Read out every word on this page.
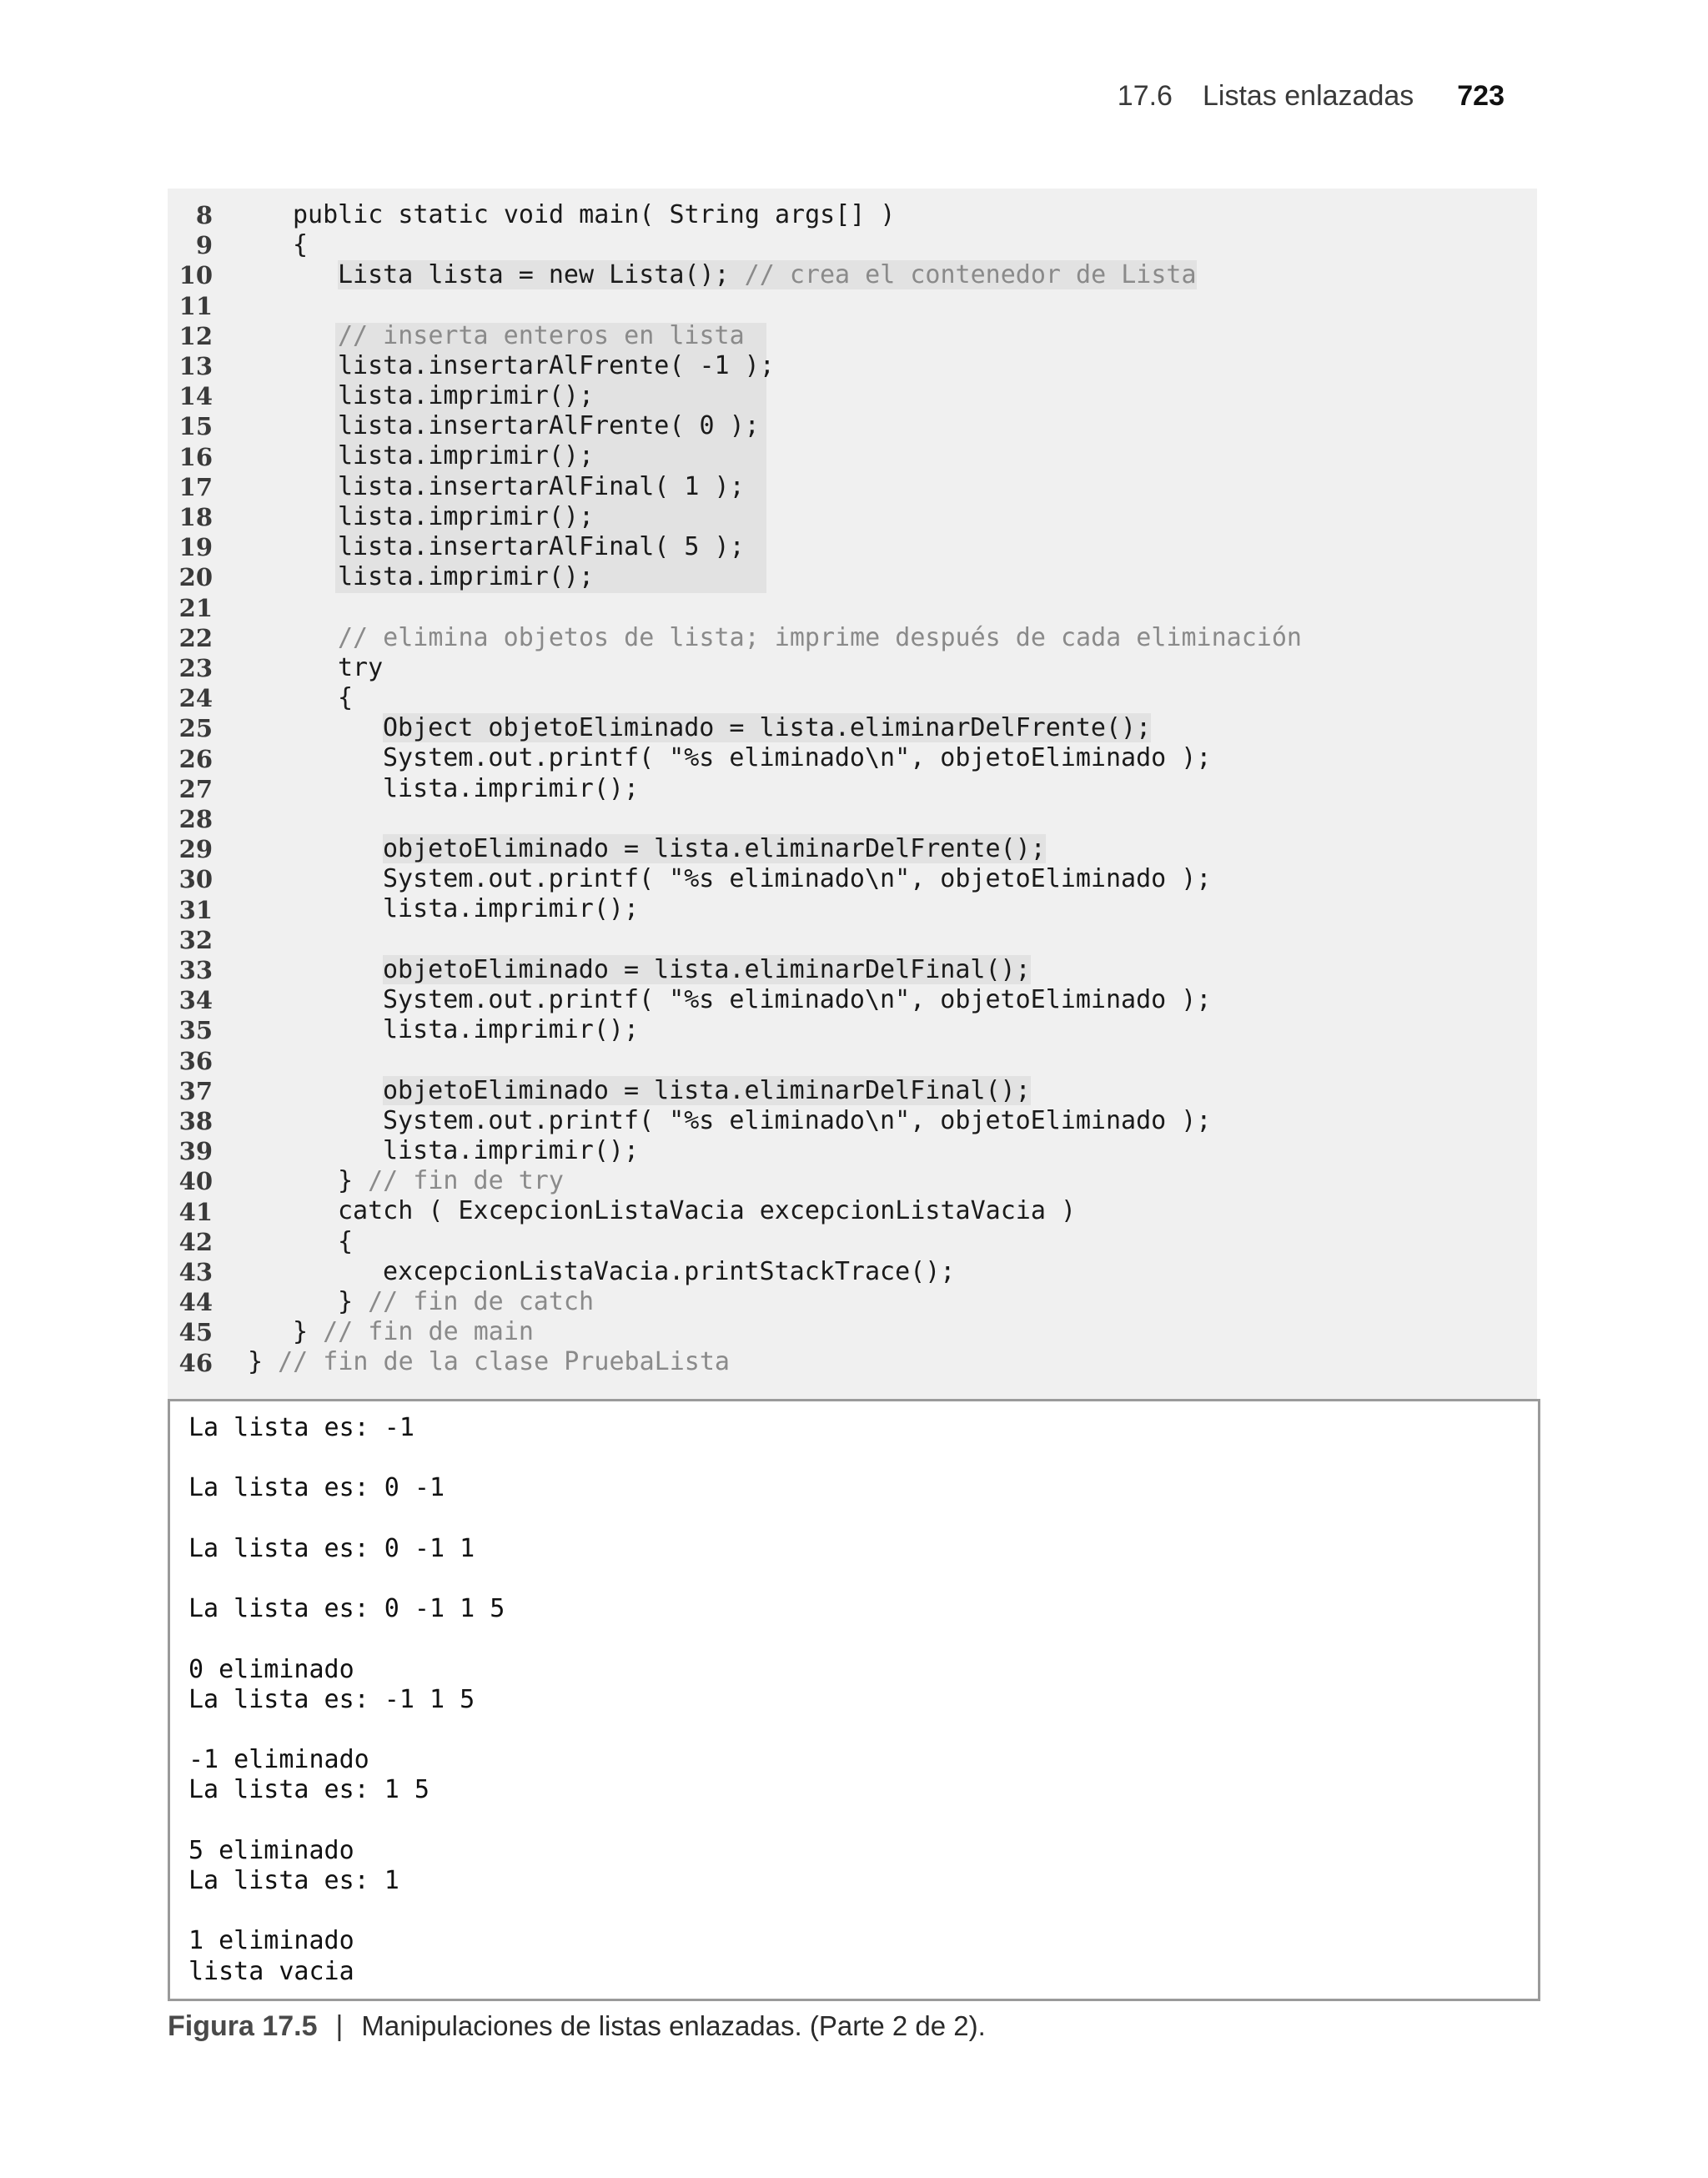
17.6 Listas enlazadas 723
8
9
10
11
12
13
14
15
16
17
18
19
20
21
22
23
24
25
26
27
28
29
30
31
32
33
34
35
36
37
38
39
40
41
42
43
44
45
46
public static void main( String args[] )
{
Lista lista = new Lista(); // crea el contenedor de Lista
// inserta enteros en lista
lista.insertarAlFrente( -1 );
lista.imprimir();
lista.insertarAlFrente( 0 );
lista.imprimir();
lista.insertarAlFinal( 1 );
lista.imprimir();
lista.insertarAlFinal( 5 );
lista.imprimir();
// elimina objetos de lista; imprime después de cada eliminación
try
{
Object objetoEliminado = lista.eliminarDelFrente();
System.out.printf( "%s eliminado\n", objetoEliminado );
lista.imprimir();
objetoEliminado = lista.eliminarDelFrente();
System.out.printf( "%s eliminado\n", objetoEliminado );
lista.imprimir();
objetoEliminado = lista.eliminarDelFinal();
System.out.printf( "%s eliminado\n", objetoEliminado );
lista.imprimir();
objetoEliminado = lista.eliminarDelFinal();
System.out.printf( "%s eliminado\n", objetoEliminado );
lista.imprimir();
} // fin de try
catch ( ExcepcionListaVacia excepcionListaVacia )
{
excepcionListaVacia.printStackTrace();
} // fin de catch
} // fin de main
} // fin de la clase PruebaLista
La lista es: -1
La lista es: 0 -1
La lista es: 0 -1 1
La lista es: 0 -1 1 5
0 eliminado
La lista es: -1 1 5
-1 eliminado
La lista es: 1 5
5 eliminado
La lista es: 1
1 eliminado
lista vacia
Figura 17.5 | Manipulaciones de listas enlazadas. (Parte 2 de 2).
